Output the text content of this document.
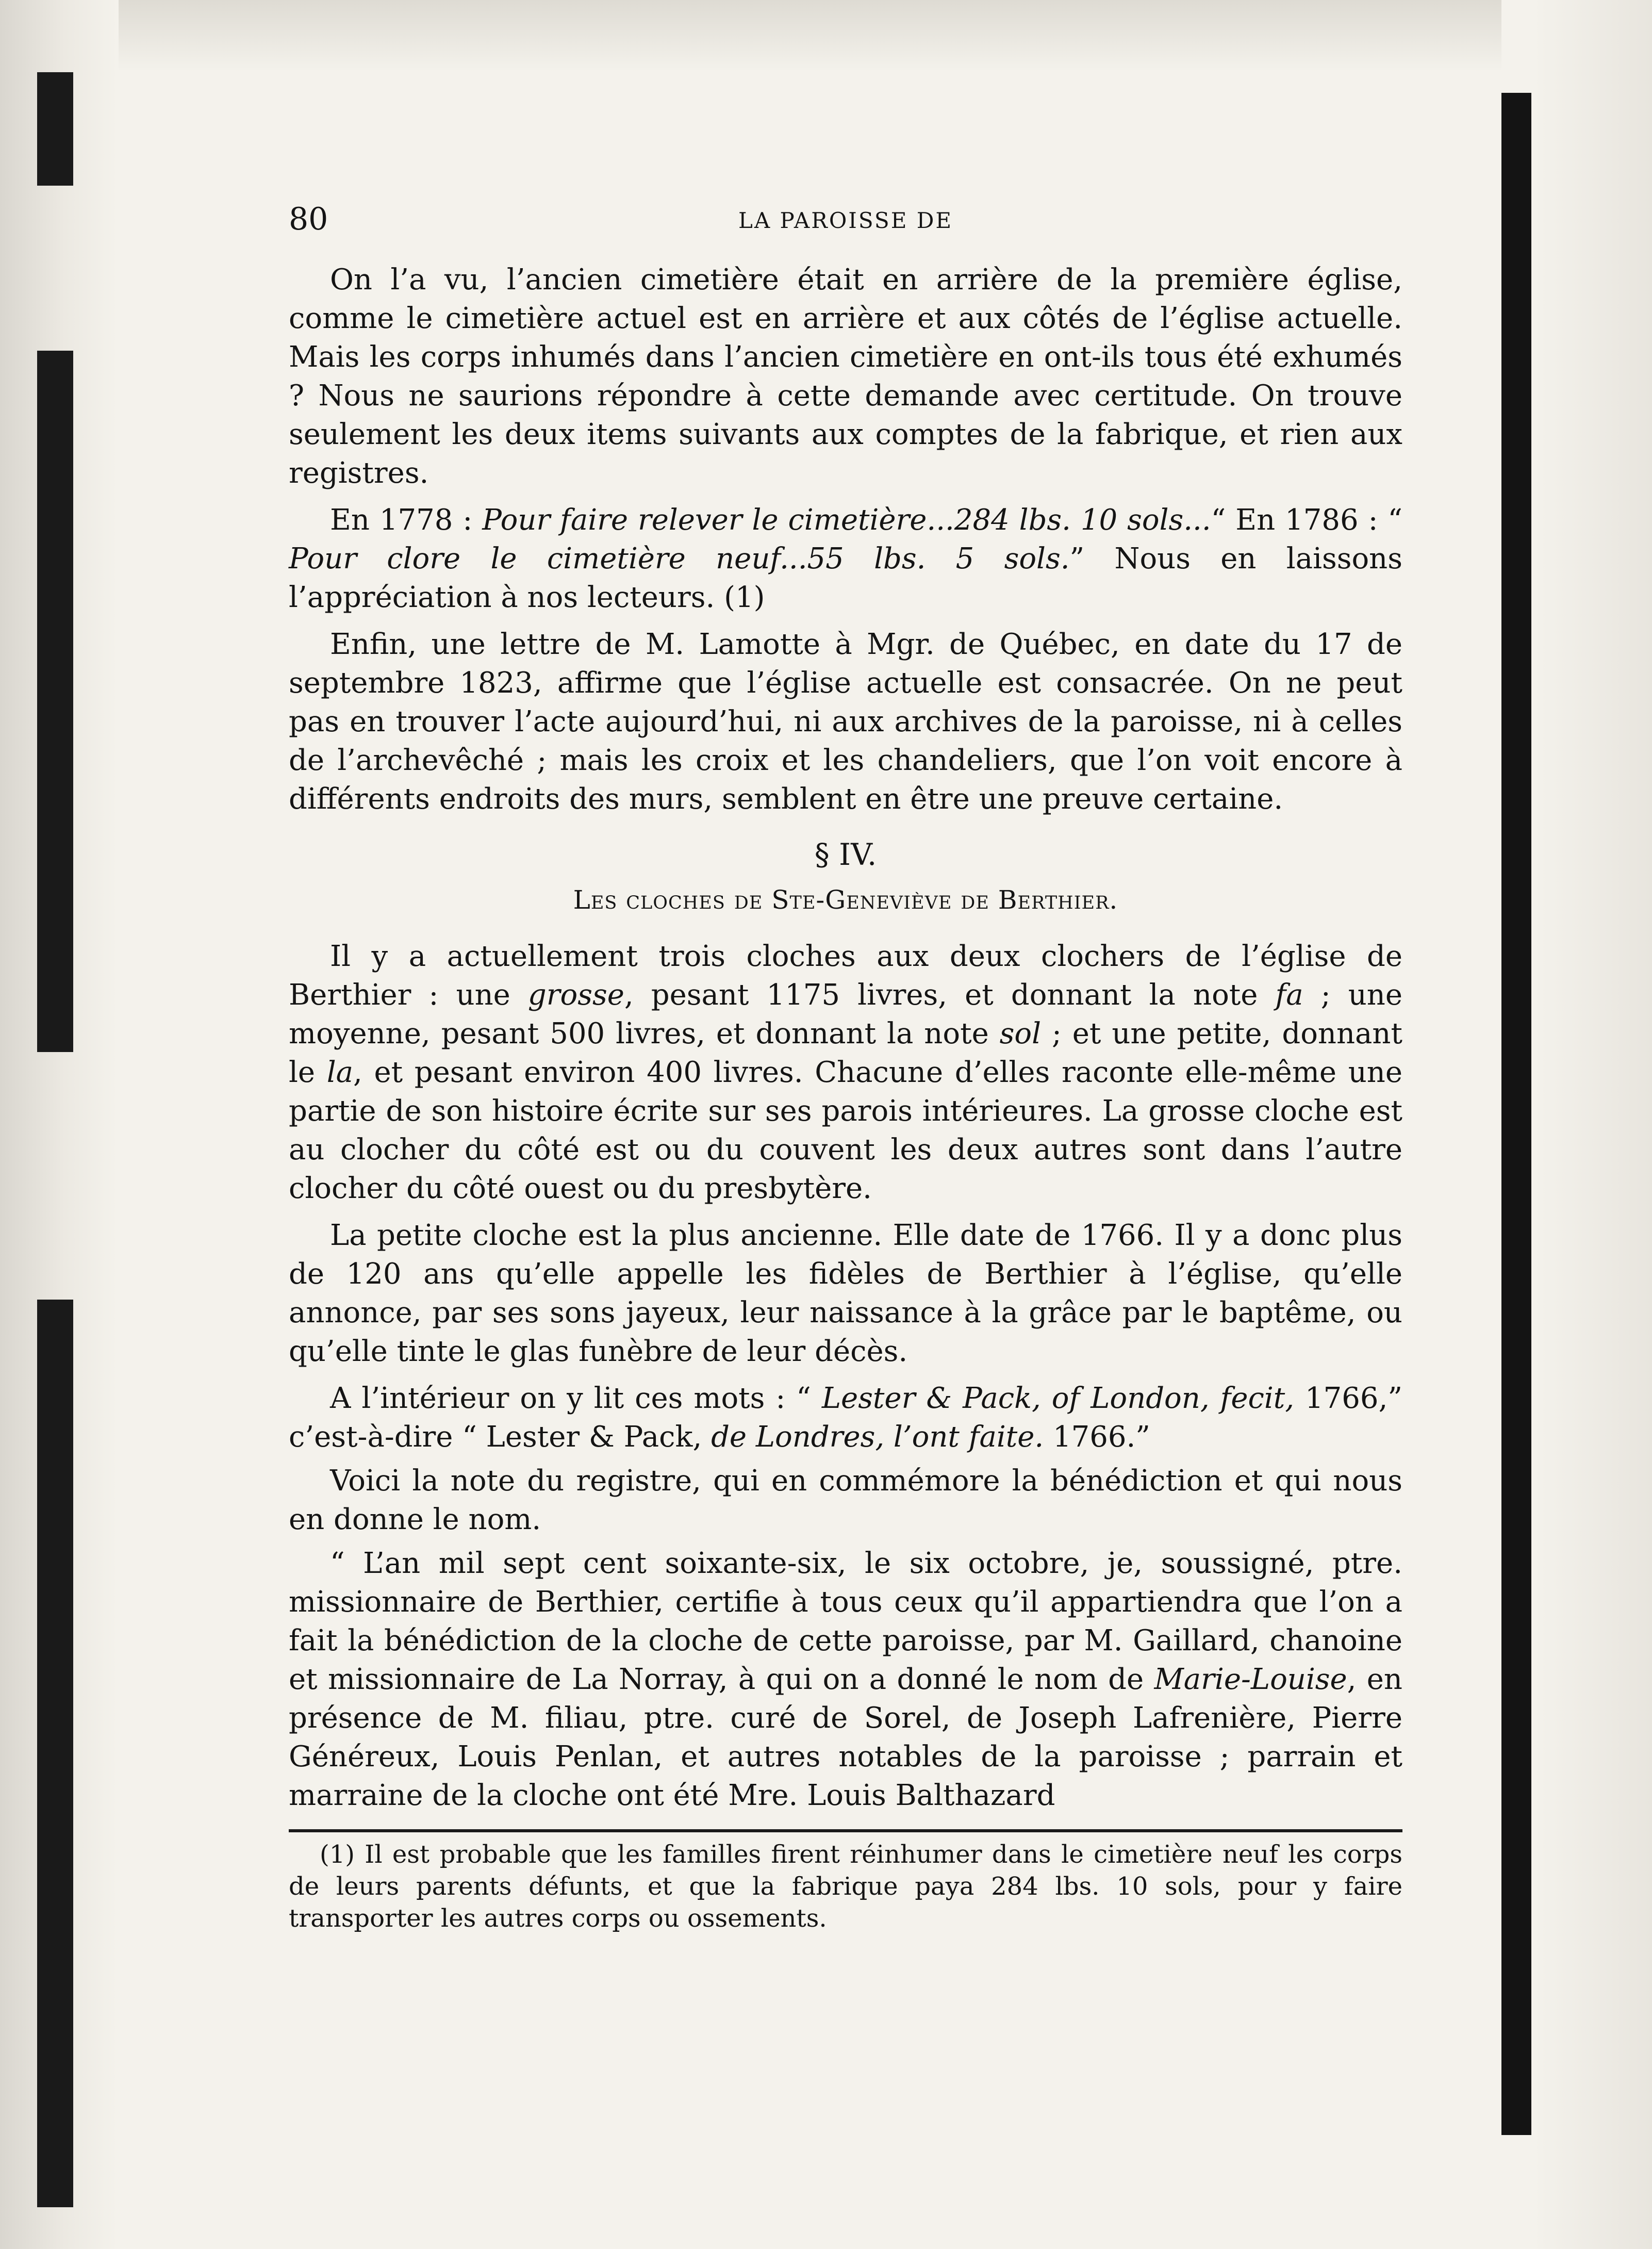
80	LA PAROISSE DE

On l’a vu, l’ancien cimetière était en arrière de la première église, comme le cimetière actuel est en arrière et aux côtés de l’église actuelle. Mais les corps inhumés dans l’ancien cimetière en ont-ils tous été exhumés ? Nous ne saurions répondre à cette demande avec certitude. On trouve seulement les deux items suivants aux comptes de la fabrique, et rien aux registres.

En 1778 : Pour faire relever le cimetière...284 lbs. 10 sols...“ En 1786 : “ Pour clore le cimetière neuf...55 lbs. 5 sols.” Nous en laissons l’appréciation à nos lecteurs. (1)

Enfin, une lettre de M. Lamotte à Mgr. de Québec, en date du 17 de septembre 1823, affirme que l’église actuelle est consacrée. On ne peut pas en trouver l’acte aujourd’hui, ni aux archives de la paroisse, ni à celles de l’archevêché ; mais les croix et les chandeliers, que l’on voit encore à différents endroits des murs, semblent en être une preuve certaine.

§ IV.
Les cloches de Ste-Geneviève de Berthier.

Il y a actuellement trois cloches aux deux clochers de l’église de Berthier : une grosse, pesant 1175 livres, et donnant la note fa ; une moyenne, pesant 500 livres, et donnant la note sol ; et une petite, donnant le la, et pesant environ 400 livres. Chacune d’elles raconte elle-même une partie de son histoire écrite sur ses parois intérieures. La grosse cloche est au clocher du côté est ou du couvent les deux autres sont dans l’autre clocher du côté ouest ou du presbytère.

La petite cloche est la plus ancienne. Elle date de 1766. Il y a donc plus de 120 ans qu’elle appelle les fidèles de Berthier à l’église, qu’elle annonce, par ses sons jayeux, leur naissance à la grâce par le baptême, ou qu’elle tinte le glas funèbre de leur décès.

A l’intérieur on y lit ces mots : “ Lester & Pack, of London, fecit, 1766,” c’est-à-dire “ Lester & Pack, de Londres, l’ont faite. 1766.”

Voici la note du registre, qui en commémore la bénédiction et qui nous en donne le nom.

“ L’an mil sept cent soixante-six, le six octobre, je, soussigné, ptre. missionnaire de Berthier, certifie à tous ceux qu’il appartiendra que l’on a fait la bénédiction de la cloche de cette paroisse, par M. Gaillard, chanoine et missionnaire de La Norray, à qui on a donné le nom de Marie-Louise, en présence de M. filiau, ptre. curé de Sorel, de Joseph Lafrenière, Pierre Généreux, Louis Penlan, et autres notables de la paroisse ; parrain et marraine de la cloche ont été Mre. Louis Balthazard

(1) Il est probable que les familles firent réinhumer dans le cimetière neuf les corps de leurs parents défunts, et que la fabrique paya 284 lbs. 10 sols, pour y faire transporter les autres corps ou ossements.
